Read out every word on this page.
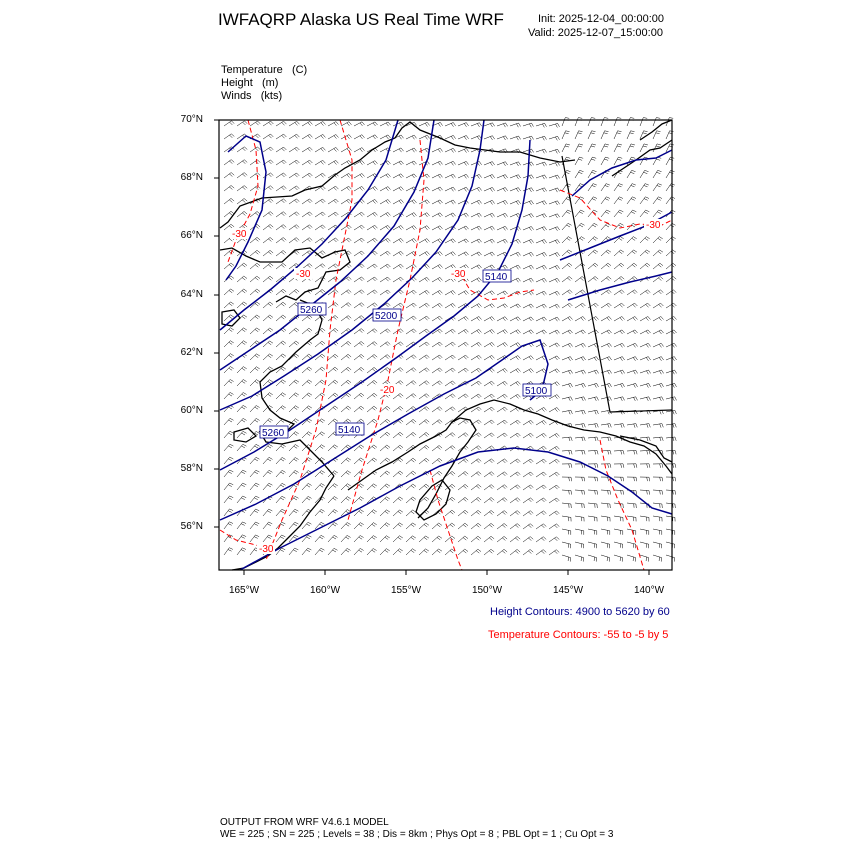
IWFAQRP Alaska US Real Time WRF	Init: 2025-12-04_00:00:00
Valid: 2025-12-07_15:00:00
Temperature (C)
Height (m)
Winds (kts)
5260
5200
5260	5140
5140
5100
-30
-30
-20
-30
-30
-30
70°N
68°N
66°N
64°N
62°N
60°N
58°N
56°N
165°W	160°W	155°W	150°W	145°W	140°W
Height Contours: 4900 to 5620 by 60
Temperature Contours: -55 to -5 by 5
OUTPUT FROM WRF V4.6.1 MODEL
WE = 225 ; SN = 225 ; Levels = 38 ; Dis = 8km ; Phys Opt = 8 ; PBL Opt = 1 ; Cu Opt = 3
